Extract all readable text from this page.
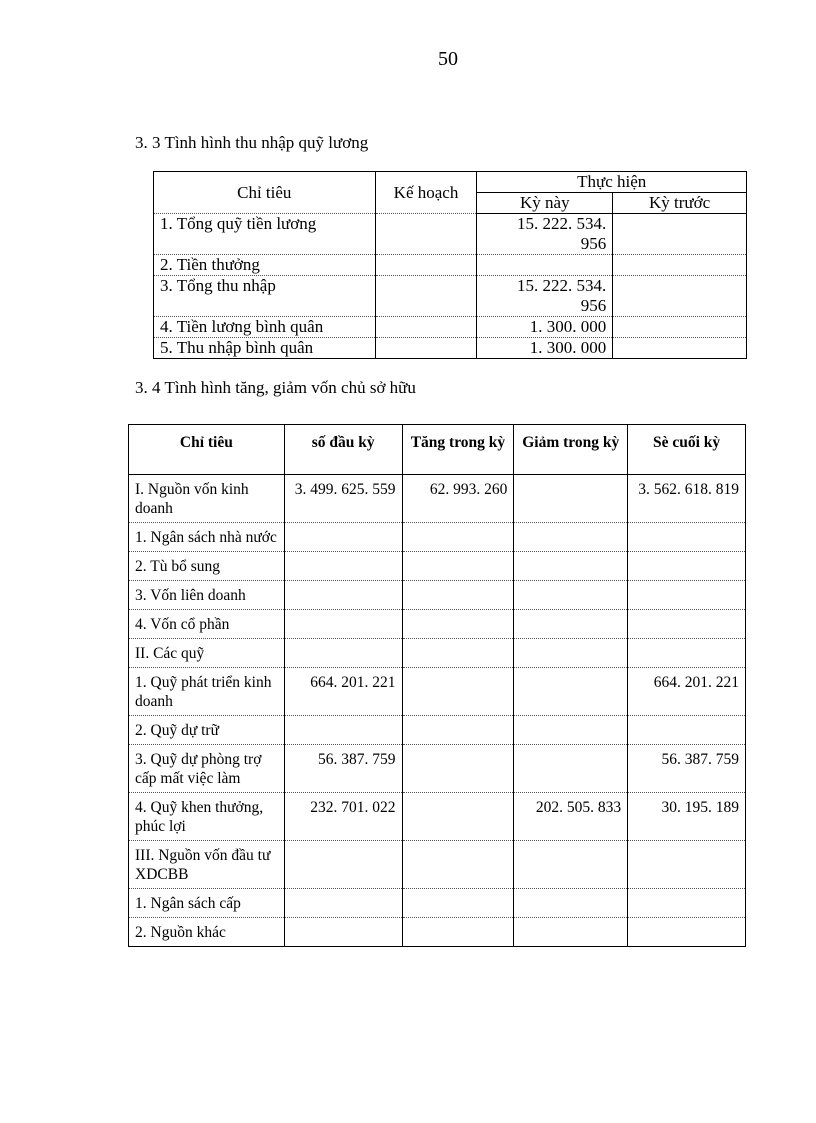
50
3. 3 Tình hình thu nhập quỹ lương
Chỉ tiêu	Kế hoạch	Thực hiện	
		Kỳ này	Kỳ trước
1. Tổng quỹ tiền lương		15. 222. 534.
956	
2. Tiền thưởng			
3. Tổng thu nhập		15. 222. 534.
956	
4. Tiền lương bình quân		1. 300. 000	
5. Thu nhập bình quân		1. 300. 000	
3. 4 Tình hình tăng, giảm vốn chủ sở hữu
Chỉ tiêu	số đầu kỳ	Tăng trong kỳ	Giảm trong kỳ	Sè cuối kỳ
I. Nguồn vốn kinh doanh	3. 499. 625. 559	62. 993. 260		3. 562. 618. 819
1. Ngân sách nhà nước				
2. Tù bổ sung				
3. Vốn liên doanh				
4. Vốn cổ phần				
II. Các quỹ				
1. Quỹ phát triển kinh doanh	664. 201. 221			664. 201. 221
2. Quỹ dự trữ				
3. Quỹ dự phòng trợ cấp mất việc làm	56. 387. 759			56. 387. 759
4. Quỹ khen thưởng, phúc lợi	232. 701. 022		202. 505. 833	30. 195. 189
III. Nguồn vốn đầu tư XDCBB				
1. Ngân sách cấp				
2. Nguồn khác				
